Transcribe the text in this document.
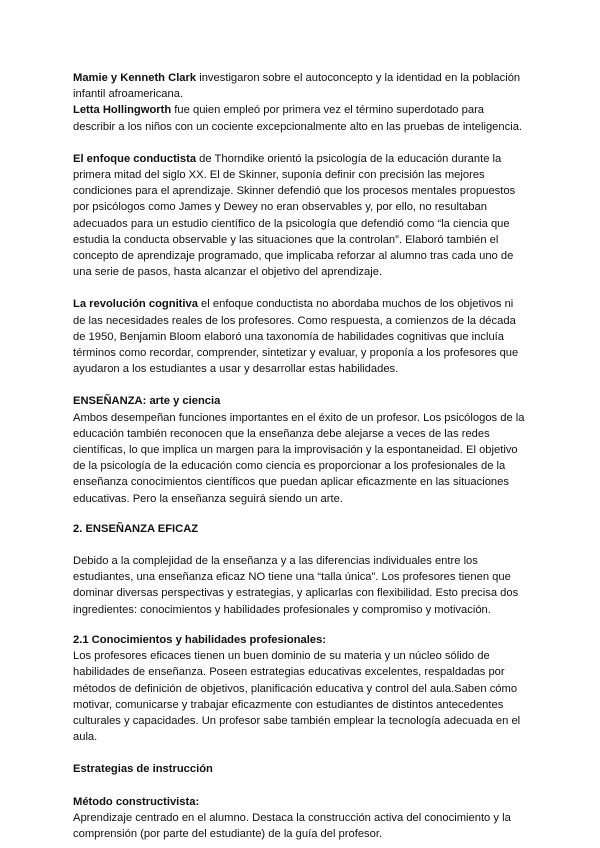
Mamie y Kenneth Clark investigaron sobre el autoconcepto y la identidad en la población infantil afroamericana.

Letta Hollingworth fue quien empleó por primera vez el término superdotado para describir a los niños con un cociente excepcionalmente alto en las pruebas de inteligencia.

El enfoque conductista de Thorndike orientó la psicología de la educación durante la primera mitad del siglo XX. El de Skinner, suponía definir con precisión las mejores condiciones para el aprendizaje. Skinner defendió que los procesos mentales propuestos por psicólogos como James y Dewey no eran observables y, por ello, no resultaban adecuados para un estudio científico de la psicología que defendió como “la ciencia que estudia la conducta observable y las situaciones que la controlan”. Elaboró también el concepto de aprendizaje programado, que implicaba reforzar al alumno tras cada uno de una serie de pasos, hasta alcanzar el objetivo del aprendizaje.

La revolución cognitiva el enfoque conductista no abordaba muchos de los objetivos ni de las necesidades reales de los profesores. Como respuesta, a comienzos de la década de 1950, Benjamin Bloom elaboró una taxonomía de habilidades cognitivas que incluía términos como recordar, comprender, sintetizar y evaluar, y proponía a los profesores que ayudaron a los estudiantes a usar y desarrollar estas habilidades.

ENSEÑANZA: arte y ciencia

Ambos desempeñan funciones importantes en el éxito de un profesor. Los psicólogos de la educación también reconocen que la enseñanza debe alejarse a veces de las redes científicas, lo que implica un margen para la improvisación y la espontaneidad. El objetivo de la psicología de la educación como ciencia es proporcionar a los profesionales de la enseñanza conocimientos científicos que puedan aplicar eficazmente en las situaciones educativas. Pero la enseñanza seguirá siendo un arte.

2. ENSEÑANZA EFICAZ

Debido a la complejidad de la enseñanza y a las diferencias individuales entre los estudiantes, una enseñanza eficaz NO tiene una “talla única”. Los profesores tienen que dominar diversas perspectivas y estrategias, y aplicarlas con flexibilidad. Esto precisa dos ingredientes: conocimientos y habilidades profesionales y compromiso y motivación.

2.1 Conocimientos y habilidades profesionales:

Los profesores eficaces tienen un buen dominio de su materia y un núcleo sólido de habilidades de enseñanza. Poseen estrategias educativas excelentes, respaldadas por métodos de definición de objetivos, planificación educativa y control del aula.Saben cómo motivar, comunicarse y trabajar eficazmente con estudiantes de distintos antecedentes culturales y capacidades. Un profesor sabe también emplear la tecnología adecuada en el aula.

Estrategias de instrucción

Método constructivista:

Aprendizaje centrado en el alumno. Destaca la construcción activa del conocimiento y la comprensión (por parte del estudiante) de la guía del profesor.
